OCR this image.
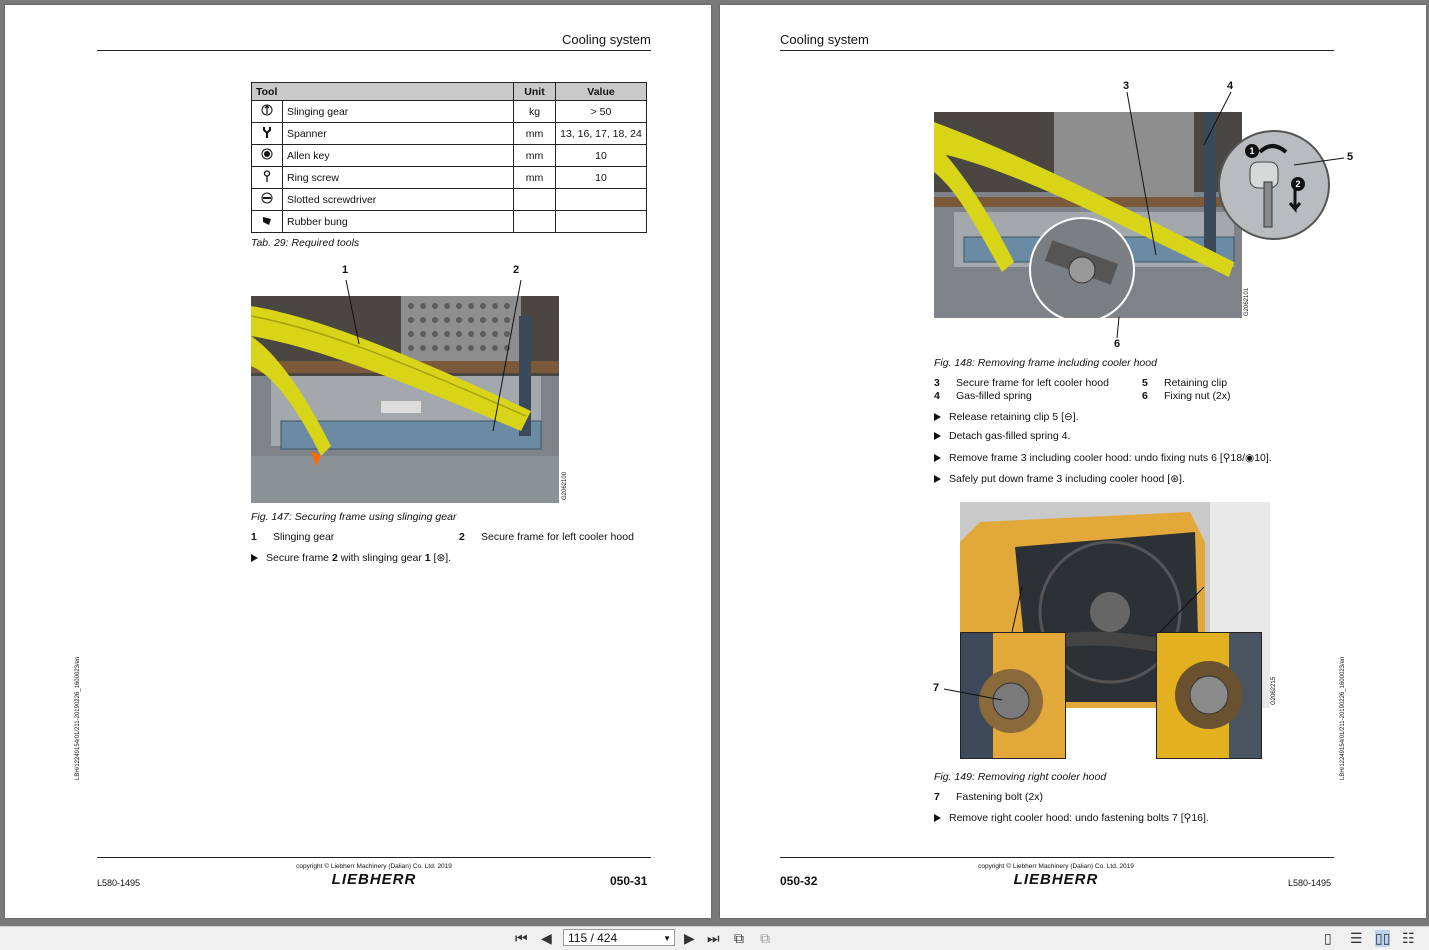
Cooling system
Tool		Unit	Value
	Slinging gear	kg	> 50
	Spanner	mm	13, 16, 17, 18, 24
	Allen key	mm	10
	Ring screw	mm	10
	Slotted screwdriver		
	Rubber bung		
Tab. 29: Required tools
1	2
G2062100
Fig. 147: Securing frame using slinging gear
1 Slinging gear	2 Secure frame for left cooler hood
Secure frame 2 with slinging gear 1 [⊛].
LBH/12249154/01/211-20190226_1600023/en
copyright © Liebherr Machinery (Dalian) Co. Ltd. 2019
LIEBHERR
L580-1495	050-31
Cooling system
3	4
5
6
1
2
G2062101
Fig. 148: Removing frame including cooler hood
3 Secure frame for left cooler hood	5 Retaining clip
4 Gas-filled spring	6 Fixing nut (2x)
Release retaining clip 5 [⊖].
Detach gas-filled spring 4.
Remove frame 3 including cooler hood: undo fixing nuts 6 [⚲18/◉10].
Safely put down frame 3 including cooler hood [⊛].
7	G2062215
Fig. 149: Removing right cooler hood
7 Fastening bolt (2x)
Remove right cooler hood: undo fastening bolts 7 [⚲16].
LBH/12249154/01/211-20190226_1600023/en
copyright © Liebherr Machinery (Dalian) Co. Ltd. 2019
LIEBHERR
050-32	L580-1495
⏮ ◀	▶ ⏭ ⧉ ⧉	▯ ☰ ▯▯ ☷
115 / 424	▼
